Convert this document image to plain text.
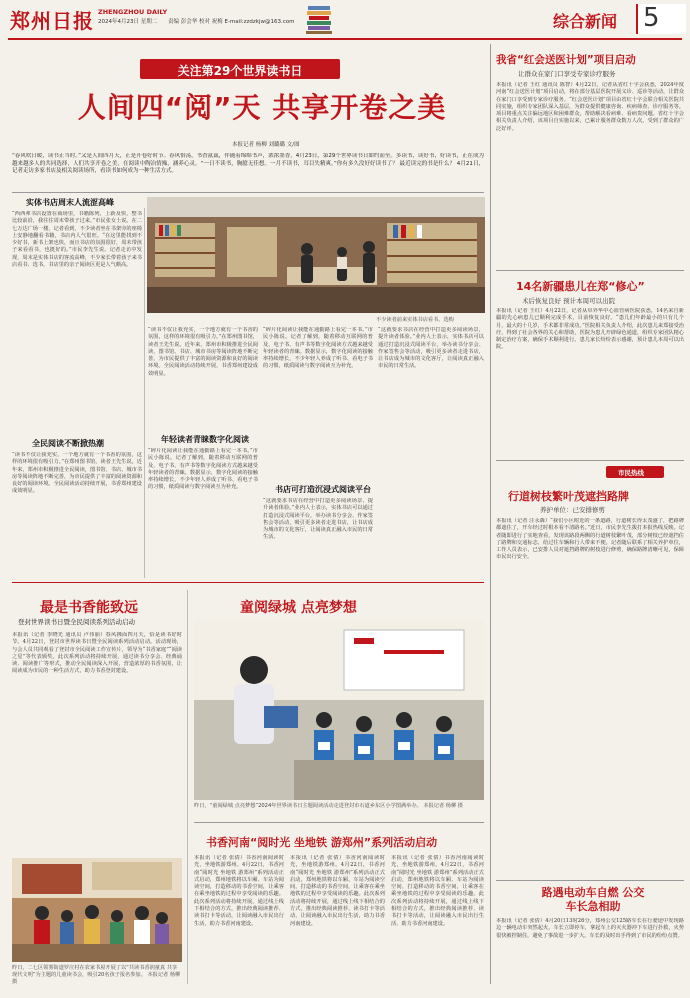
郑州日报 ZHENGZHOU DAILY
2024年4月23日 星期二 责编 彭会华 校对 祝梅 E-mail:zzdzkjw@163.com	综合新闻 5
关注第29个世界读书日
人间四“阅”天 共享开卷之美
本报记者 杨柳 刘璐璐 文/图
“春风吹日暖，读书正当时。”又是人间四月天，正是开卷好时节。春风怡荡，书香氤氲，伴随着绵绵书声，浓浓墨香，4月23日，第29个世界读书日如约而至。多读书，读好书，好读书，正在成为越来越多人的共同选择，人们共享开卷之美，在阅读中陶冶情操，涵养心灵。“一日不读书，胸臆无佳想。一月不读书，耳目失精爽。”你有多久没好好读书了？ 最近读完的书是什么？ 4月21日，记者走访多家书店及相关阅读场所，看读书如何成为一种生活方式。
实体书店周末人流涩高峰
“西西弗书店设置在商场里，书籍陈列，上新及快，整书比较前沿，我往往周末带孩子过来。”市民张女士说。在二七万达广场一楼，记者看到，不少读者坐在书架旁的座椅上安静地翻看书籍，书店内人气很旺。“在这里能找到不少好书，新书上架也快，而且书店的氛围很好，周末带孩子来看看书，也挺好的。”市民李先生说。记者走访中发现，周末是实体书店的客流高峰，不少家长带着孩子来书店看书、选书，书店里的亲子阅读区更是人气颇高。
不少读者前来实体书店看书、选购
“读书不仅让我充实，一个地方就有一个书香的氛围，这样的环境很有吸引力。”在郑州图书馆，读者王先生说。近年来，郑州市积极推进全民阅读，图书馆、书店、城市书房等阅读阵地不断完善，为市民提供了丰富的阅读资源和良好的阅读环境。全民阅读活动持续开展，书香郑州建设成效明显。
全民阅读不断掀热潮
“读书不仅让我充实，一个地方就有一个书香的氛围，这样的环境很有吸引力。”在郑州图书馆，读者王先生说。近年来，郑州市积极推进全民阅读，图书馆、书店、城市书房等阅读阵地不断完善，为市民提供了丰富的阅读资源和良好的阅读环境。全民阅读活动持续开展，书香郑州建设成效明显。
年轻读者青睐数字化阅读
“碎片化阅读让我能在通勤路上看完一本书。”市民小陈说。记者了解到，随着移动互联网的普及，电子书、有声书等数字化阅读方式越来越受年轻读者的青睐。数据显示，数字化阅读的接触率持续增长，不少年轻人养成了听书、看电子书的习惯，纸质阅读与数字阅读互为补充。
“碎片化阅读让我能在通勤路上看完一本书。”市民小陈说。记者了解到，随着移动互联网的普及，电子书、有声书等数字化阅读方式越来越受年轻读者的青睐。数据显示，数字化阅读的接触率持续增长，不少年轻人养成了听书、看电子书的习惯，纸质阅读与数字阅读互为补充。
书店可打造沉浸式阅读平台
“这就要求书店在经营中打造更多阅读场景，提升读者体验。”业内人士表示，实体书店可以通过打造沉浸式阅读平台，举办读书分享会、作家签售会等活动，吸引更多读者走进书店，让书店成为城市的文化客厅，让阅读真正融入市民的日常生活。
“这就要求书店在经营中打造更多阅读场景，提升读者体验。”业内人士表示，实体书店可以通过打造沉浸式阅读平台，举办读书分享会、作家签售会等活动，吸引更多读者走进书店，让书店成为城市的文化客厅，让阅读真正融入市民的日常生活。
最是书香能致远
登封世界读书日暨全民阅读系列活动启动
本报讯（记者 李晓光 通讯员 卢伟丽）春风拂面四月天，恰是读书好时节。4月22日，登封市世界读书日暨全民阅读系列活动启动。活动现场，与会人员共同观看了登封市全民阅读工作宣传片，领导为“书香家庭”“阅读之星”等代表颁奖。此次系列活动将持续开展，通过读书分享会、经典诵读、阅读推广等形式，推动全民阅读深入开展，营造浓厚的书香氛围，让阅读成为市民的一种生活方式，助力书香登封建设。
昨日，二七区领雾街道罗庄村在农家书屋开展了以“共读书香润童真 共享现代文明”为主题的儿童读书会，吸引20名孩子报名参加。 本报记者 杨柳 摄
童阅绿城 点亮梦想
昨日，“童阅绿城 点亮梦想”2024年世界读书日主题阅读活动走进登封市石道乡东区小学图满举办。 本报记者 杨柳 摄
书香河南“阅时光 坐地铁 游郑州”系列活动启动
本报讯（记者 张倩）书香河南阅读时光，坐地铁游郑州。4月22日，书香河南“阅时光 坐地铁 游郑州”系列活动正式启动，郑州地铁将以车厢、车站为阅读空间，打造移动的书香空间，让乘客在乘坐地铁的过程中享受阅读的乐趣。此次系列活动将持续开展，通过线上线下相结合的方式，推出经典阅读推荐、读书打卡等活动，让阅读融入市民出行生活，助力书香河南建设。
本报讯（记者 张倩）书香河南阅读时光，坐地铁游郑州。4月22日，书香河南“阅时光 坐地铁 游郑州”系列活动正式启动，郑州地铁将以车厢、车站为阅读空间，打造移动的书香空间，让乘客在乘坐地铁的过程中享受阅读的乐趣。此次系列活动将持续开展，通过线上线下相结合的方式，推出经典阅读推荐、读书打卡等活动，让阅读融入市民出行生活，助力书香河南建设。
本报讯（记者 张倩）书香河南阅读时光，坐地铁游郑州。4月22日，书香河南“阅时光 坐地铁 游郑州”系列活动正式启动，郑州地铁将以车厢、车站为阅读空间，打造移动的书香空间，让乘客在乘坐地铁的过程中享受阅读的乐趣。此次系列活动将持续开展，通过线上线下相结合的方式，推出经典阅读推荐、读书打卡等活动，让阅读融入市民出行生活，助力书香河南建设。
我省“红会送医计划”项目启动
让群众在家门口享受专家诊疗服务
本报讯（记者 王红 通讯员 陈智）4月22日，记者从省红十字会获悉，2024年度河南“红会送医计划”项目启动，将在部分基层医院开展义诊、巡诊等活动，让群众在家门口享受到专家诊疗服务。“红会送医计划”项目由省红十字会联合相关医院共同实施，组织专家团队深入基层，为群众提供健康咨询、疾病筛查、诊疗服务等。项目将重点关注偏远地区和困难群众，帮助解决看病难、看病贵问题。省红十字会相关负责人介绍，该项目自实施以来，已累计服务群众数万人次，受到了群众的广泛好评。
14名新疆患儿在郑“修心”
术后恢复良好 预计本周可以出院
本报讯（记者 王红）4月22日，记者从阜外华中心血管病医院获悉，14名来自新疆的先心病患儿已顺利完成手术，目前恢复良好。“患儿们年龄最小的只有几个月，最大的十几岁，手术都非常成功。”医院相关负责人介绍，此次患儿来郑接受治疗，得到了社会各界的关心和帮助，医院为患儿开辟绿色通道，组织专家团队精心制定治疗方案，确保手术顺利进行。患儿家长纷纷表示感谢，预计患儿本周可以出院。
市民热线
行道树枝繁叶茂遮挡路牌
养护单位：已安排修剪
本报讯（记者 汪永森）“我们小区附近的一条道路，行道树长得太茂盛了，把路牌都遮住了，开车经过时根本看不清路名。”近日，市民李先生拨打本报热线反映。记者随即进行了实地查看，发现该路段两侧的行道树枝繁叶茂，部分树枝已经遮挡住了路牌和交通标志，给过往车辆和行人带来不便。记者随后联系了相关养护单位，工作人员表示，已安排人员对遮挡路牌的树枝进行修剪，确保路牌清晰可见，保障市民出行安全。
路遇电动车自燃 公交车长急相助
本报讯（记者 张倩）4月20日13时26分，郑州公交125路车长在行驶途中发现路边一辆电动车突然起火，车长立即停车，拿起车上的灭火器冲下车进行扑救，火势很快被控制住，避免了事故进一步扩大。车长的及时出手得到了市民的纷纷点赞。
